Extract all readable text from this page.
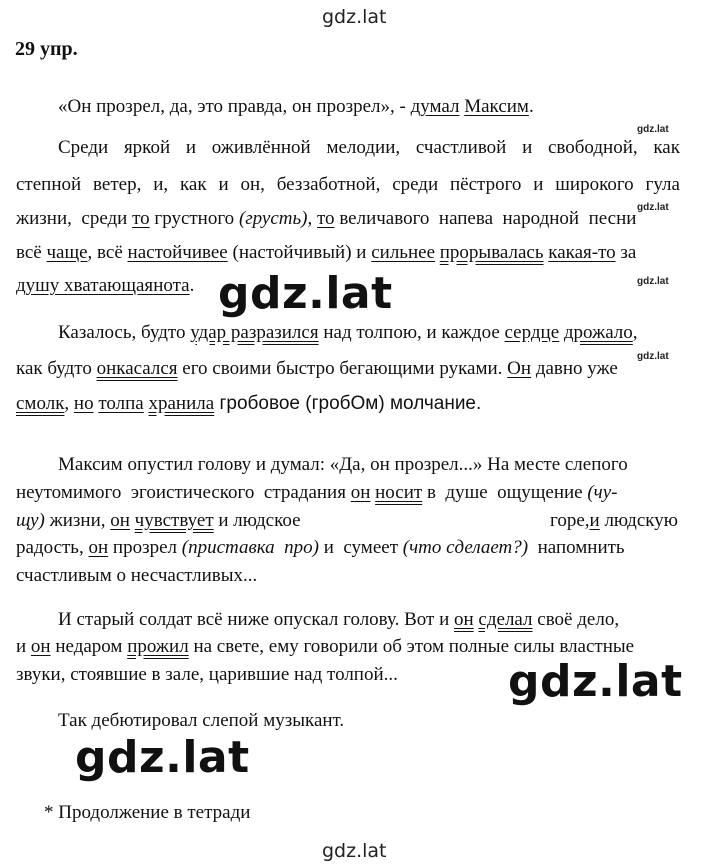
gdz.lat
29 упр.
«Он прозрел, да, это правда, он прозрел», - думал Максим.
gdz.lat
gdz.lat
gdz.lat
gdz.lat
Среди яркой и оживлённой мелодии, счастливой и свободной, как
степной ветер, и, как и он, беззаботной, среди пёстрого и широкого гула
жизни,  среди то грустного (грусть), то величавого  напева  народной  песни
всё чаще, всё настойчивее (настойчивый) и сильнее прорывалась какая-то за
душу хватающаянота. gdz.lat
Казалось, будто удар разразился над толпою, и каждое сердце дрожало,
как будто онкасался его своими быстро бегающими руками. Он давно уже
смолк, но толпа хранила гробовое (гробОм) молчание.
Максим опустил голову и думал: «Да, он прозрел...» На месте слепого
неутомимого  эгоистического  страдания он носит в  душе  ощущение (чу-
щу) жизни, он чувствует и людское	горе,и людскую
радость, он прозрел (приставка  про) и  сумеет (что сделает?)  напомнить
счастливым о несчастливых...
И старый солдат всё ниже опускал голову. Вот и он сделал своё дело,
и он недаром прожил на свете, ему говорили об этом полные силы властные
звуки, стоявшие в зале, царившие над толпой...	gdz.lat
Так дебютировал слепой музыкант.
gdz.lat
* Продолжение в тетради
gdz.lat
